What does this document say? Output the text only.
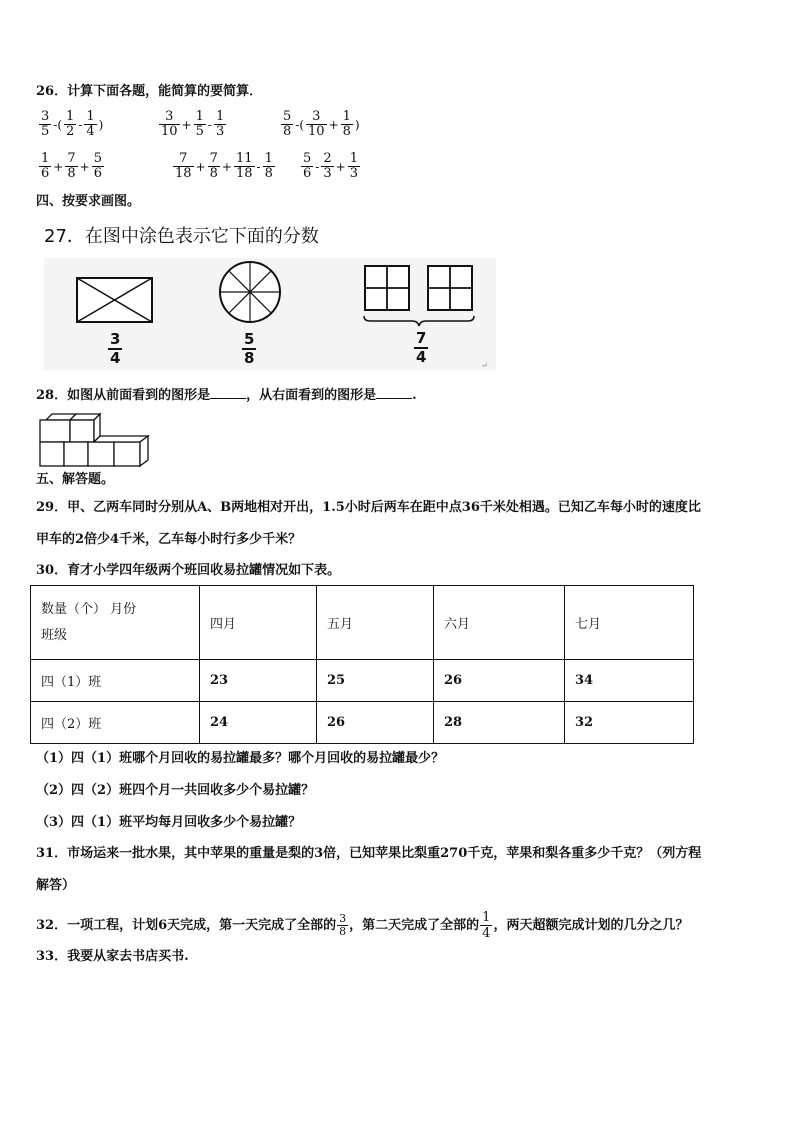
26．计算下面各题，能简算的要简算．
$\frac{3}{5}$ -( $\frac{1}{2} - \frac{1}{4}$ )	$\frac{3}{10} + \frac{1}{5} - \frac{1}{3}$	$\frac{5}{8}$ -( $\frac{3}{10} + \frac{1}{8}$ )
$\frac{1}{6} + \frac{7}{8} + \frac{5}{6}$	$\frac{7}{18} + \frac{7}{8} + \frac{11}{18} - \frac{1}{8} \frac{5}{6} - \frac{2}{3} + \frac{1}{3}$
四、按要求画图。
27．在图中涂色表示它下面的分数
↵
3
4
5
8
7
4
28．如图从前面看到的图形是	，从右面看到的图形是	.
五、解答题。
29．甲、乙两车同时分别从A、B两地相对开出，1.5小时后两车在距中点36千米处相遇。已知乙车每小时的速度比
甲车的2倍少4千米，乙车每小时行多少千米？
30．育才小学四年级两个班回收易拉罐情况如下表。
数量（个） 月份
班级	四月	五月	六月	七月
四（1）班	23	25	26	34
四（2）班	24	26	28	32
（1）四（1）班哪个月回收的易拉罐最多？哪个月回收的易拉罐最少？
（2）四（2）班四个月一共回收多少个易拉罐？
（3）四（1）班平均每月回收多少个易拉罐？
31．市场运来一批水果，其中苹果的重量是梨的3倍，已知苹果比梨重270千克，苹果和梨各重多少千克？（列方程
解答）
32．一项工程，计划6天完成，第一天完成了全部的 $\frac{3}{8}$ ，第二天完成了全部的 $\frac{1}{4}$ ，两天超额完成计划的几分之几？
33．我要从家去书店买书.
